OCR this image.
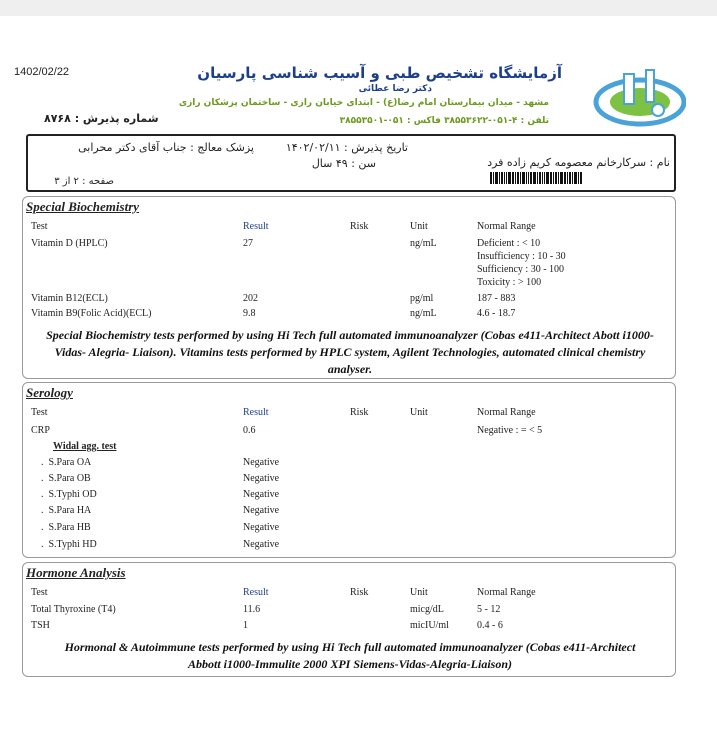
1402/02/22	آزمایشگاه تشخیص طبی و آسیب شناسی پارسیان
دکتر رضا عطائی
مشهد - میدان بیمارستان امام رضا(ع) - ابتدای خیابان رازی - ساختمان پزشکان رازی
تلفن : ۴-۰۵۱-۳۸۵۵۳۶۲۲ فاکس : ۰۵۱-۳۸۵۵۳۵۰۱
شماره پذیرش : ۸۷۶۸
تاریخ پذیرش : ۱۴۰۲/۰۲/۱۱
پزشک معالج : جناب آقای دکتر محرابی
نام : سرکارخانم معصومه کریم زاده فرد
سن : ۴۹ سال
صفحه : ۲ از ۳
Special Biochemistry
Test	Result	Risk	Unit	Normal Range
Vitamin D (HPLC)	27	ng/mL	Deficient : < 10
Insufficiency : 10 - 30
Sufficiency : 30 - 100
Toxicity : > 100
Vitamin B12(ECL)	202	pg/ml	187 - 883
Vitamin B9(Folic Acid)(ECL)	9.8	ng/mL	4.6 - 18.7
Special Biochemistry tests performed by using Hi Tech full automated immunoanalyzer (Cobas e411-Architect Abott i1000- Vidas- Alegria- Liaison). Vitamins tests performed by HPLC system, Agilent Technologies, automated clinical chemistry analyser.
Serology
Test	Result	Risk	Unit	Normal Range
CRP	0.6	Negative : = < 5
Widal agg. test
.  S.Para OA	Negative
.  S.Para OB	Negative
.  S.Typhi OD	Negative
.  S.Para HA	Negative
.  S.Para HB	Negative
.  S.Typhi HD	Negative
Hormone Analysis
Test	Result	Risk	Unit	Normal Range
Total Thyroxine (T4)	11.6	micg/dL	5 - 12
TSH	1	micIU/ml	0.4 - 6
Hormonal & Autoimmune tests performed by using Hi Tech full automated immunoanalyzer (Cobas e411-Architect Abbott i1000-Immulite 2000 XPI Siemens-Vidas-Alegria-Liaison)
